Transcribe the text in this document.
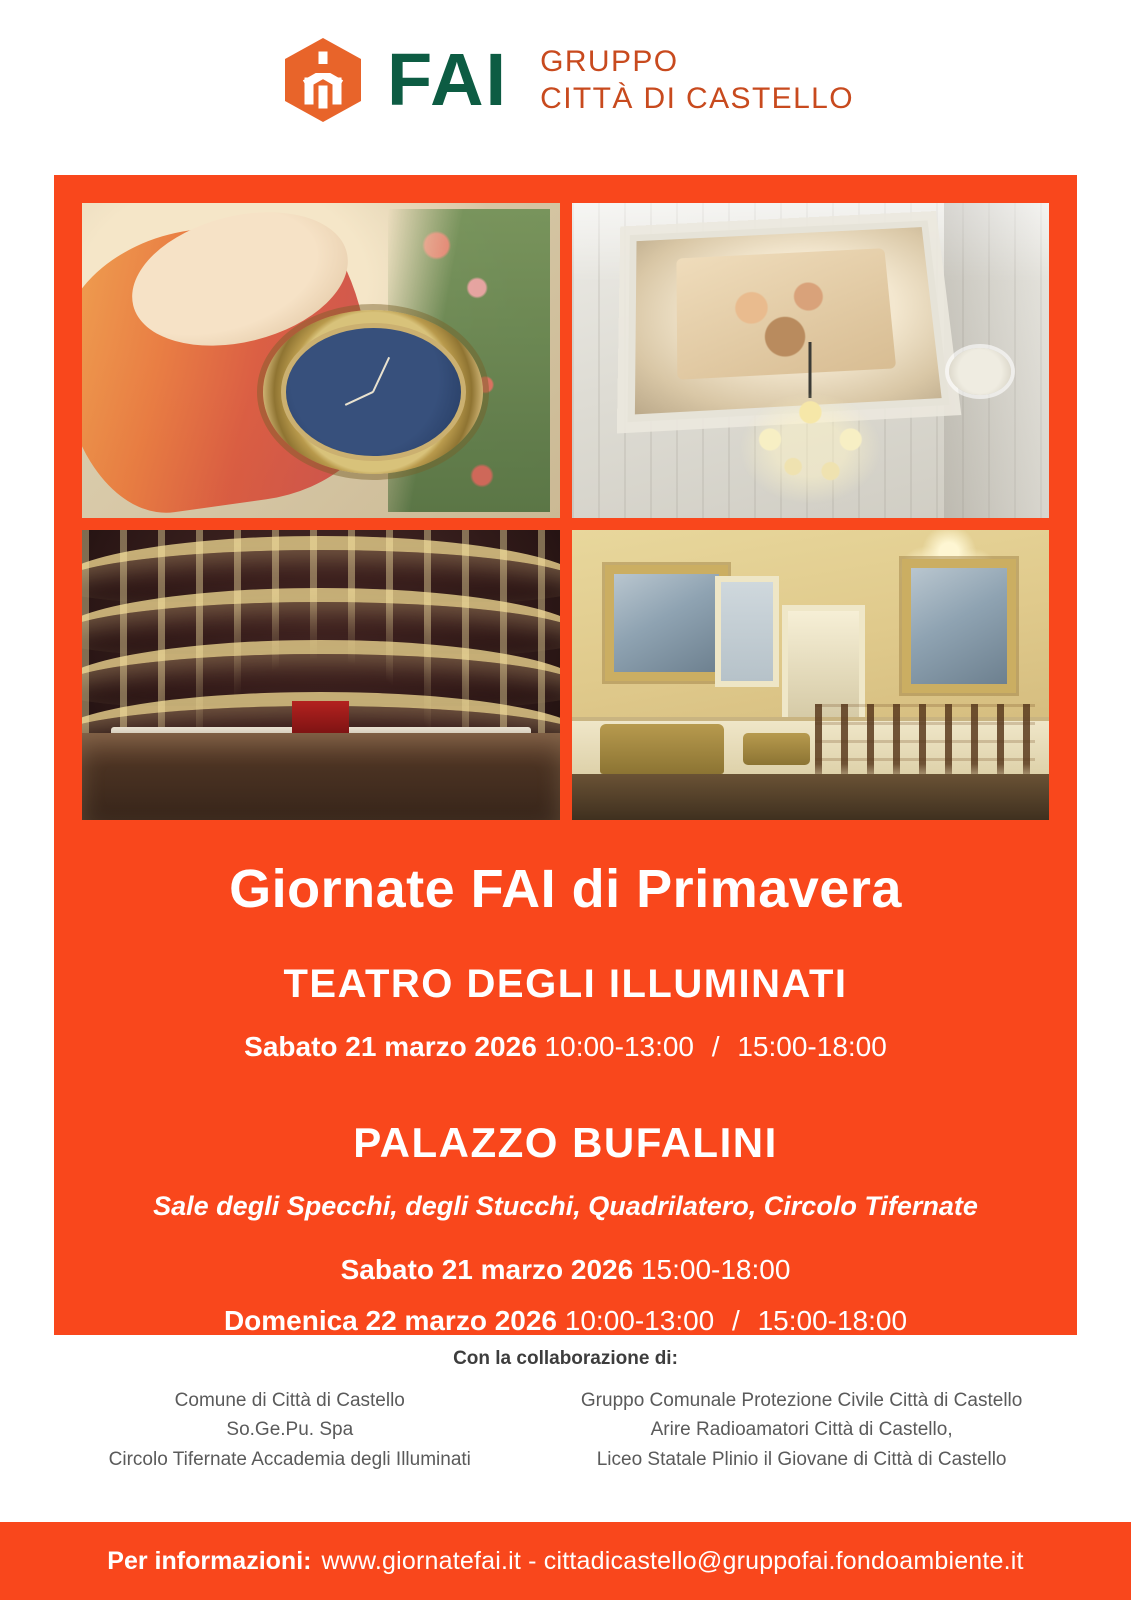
FAI GRUPPO
CITTÀ DI CASTELLO
Giornate FAI di Primavera
TEATRO DEGLI ILLUMINATI
Sabato 21 marzo 2026 10:00-13:00 / 15:00-18:00
PALAZZO BUFALINI
Sale degli Specchi, degli Stucchi, Quadrilatero, Circolo Tifernate
Sabato 21 marzo 2026 15:00-18:00
Domenica 22 marzo 2026 10:00-13:00 / 15:00-18:00
Con la collaborazione di:
Comune di Città di Castello
So.Ge.Pu. Spa
Circolo Tifernate Accademia degli Illuminati
Gruppo Comunale Protezione Civile Città di Castello
Arire Radioamatori Città di Castello,
Liceo Statale Plinio il Giovane di Città di Castello
Per informazioni: www.giornatefai.it - cittadicastello@gruppofai.fondoambiente.it
